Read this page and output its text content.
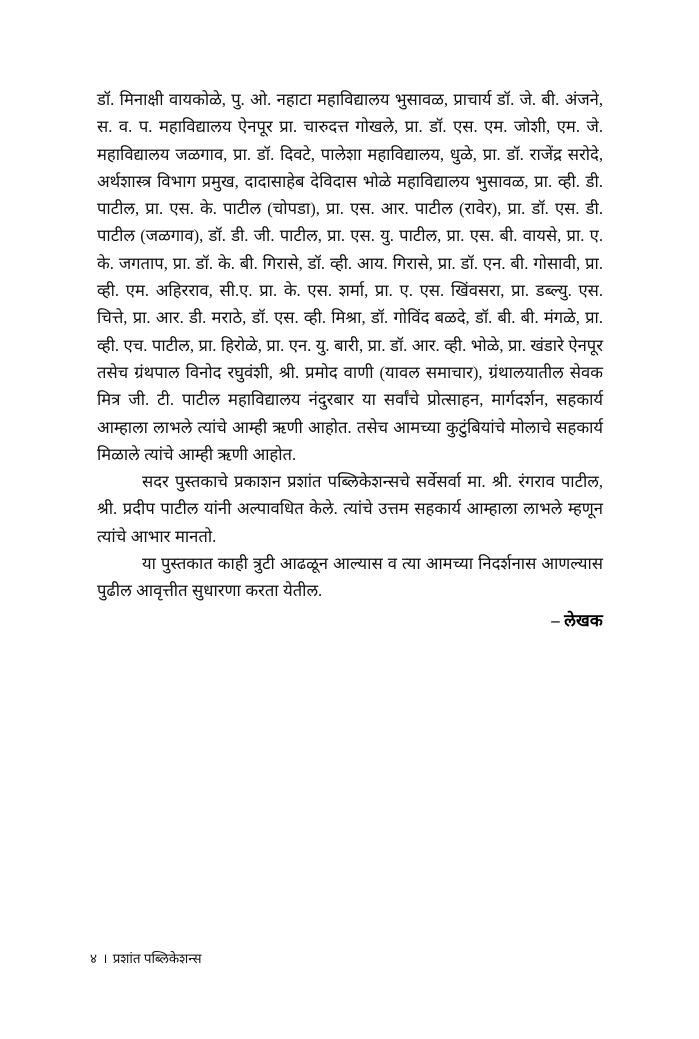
डॉ. मिनाक्षी वायकोळे, पु. ओ. नहाटा महाविद्यालय भुसावळ, प्राचार्य डॉ. जे. बी. अंजने, स. व. प. महाविद्यालय ऐनपूर प्रा. चारुदत्त गोखले, प्रा. डॉ. एस. एम. जोशी, एम. जे. महाविद्यालय जळगाव, प्रा. डॉ. दिवटे, पालेशा महाविद्यालय, धुळे, प्रा. डॉ. राजेंद्र सरोदे, अर्थशास्त्र विभाग प्रमुख, दादासाहेब देविदास भोळे महाविद्यालय भुसावळ, प्रा. व्ही. डी. पाटील, प्रा. एस. के. पाटील (चोपडा), प्रा. एस. आर. पाटील (रावेर), प्रा. डॉ. एस. डी. पाटील (जळगाव), डॉ. डी. जी. पाटील, प्रा. एस. यु. पाटील, प्रा. एस. बी. वायसे, प्रा. ए. के. जगताप, प्रा. डॉ. के. बी. गिरासे, डॉ. व्ही. आय. गिरासे, प्रा. डॉ. एन. बी. गोसावी, प्रा. व्ही. एम. अहिरराव, सी.ए. प्रा. के. एस. शर्मा, प्रा. ए. एस. खिंवसरा, प्रा. डब्ल्यु. एस. चित्ते, प्रा. आर. डी. मराठे, डॉ. एस. व्ही. मिश्रा, डॉ. गोविंद बळदे, डॉ. बी. बी. मंगळे, प्रा. व्ही. एच. पाटील, प्रा. हिरोळे, प्रा. एन. यु. बारी, प्रा. डॉ. आर. व्ही. भोळे, प्रा. खंडारे ऐनपूर तसेच ग्रंथपाल विनोद रघुवंशी, श्री. प्रमोद वाणी (यावल समाचार), ग्रंथालयातील सेवक मित्र जी. टी. पाटील महाविद्यालय नंदुरबार या सर्वांचे प्रोत्साहन, मार्गदर्शन, सहकार्य आम्हाला लाभले त्यांचे आम्ही ऋणी आहोत. तसेच आमच्या कुटुंबियांचे मोलाचे सहकार्य मिळाले त्यांचे आम्ही ऋणी आहोत.

सदर पुस्तकाचे प्रकाशन प्रशांत पब्लिकेशन्सचे सर्वेसर्वा मा. श्री. रंगराव पाटील, श्री. प्रदीप पाटील यांनी अल्पावधित केले. त्यांचे उत्तम सहकार्य आम्हाला लाभले म्हणून त्यांचे आभार मानतो.

या पुस्तकात काही त्रुटी आढळून आल्यास व त्या आमच्या निदर्शनास आणल्यास पुढील आवृत्तीत सुधारणा करता येतील.

– लेखक

४ । प्रशांत पब्लिकेशन्स
